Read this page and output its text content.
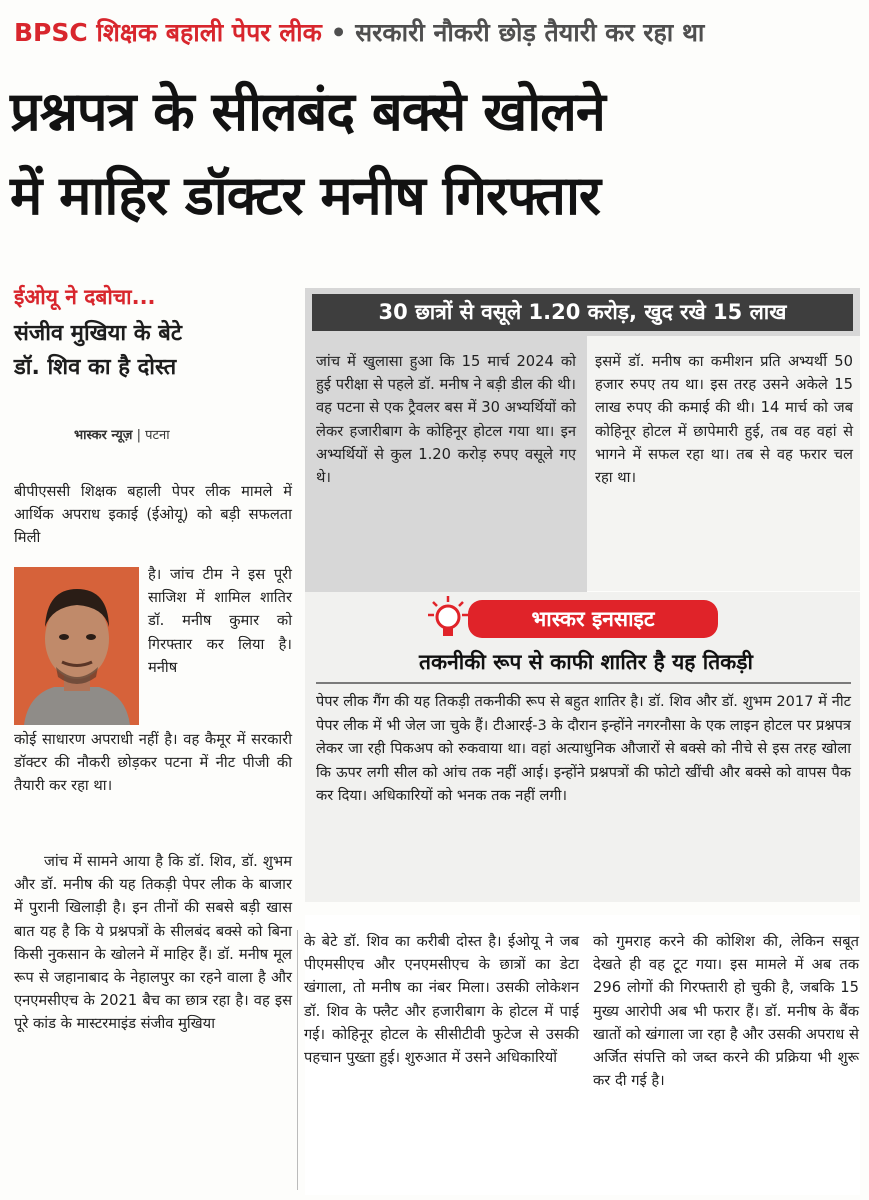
BPSC शिक्षक बहाली पेपर लीक • सरकारी नौकरी छोड़ तैयारी कर रहा था
प्रश्नपत्र के सीलबंद बक्से खोलने
में माहिर डॉक्टर मनीष गिरफ्तार
ईओयू ने दबोचा...
संजीव मुखिया के बेटे
डॉ. शिव का है दोस्त
भास्कर न्यूज़ | पटना
बीपीएससी शिक्षक बहाली पेपर लीक मामले में आर्थिक अपराध इकाई (ईओयू) को बड़ी सफलता मिली
है। जांच टीम ने इस पूरी साजिश में शामिल शातिर डॉ. मनीष कुमार को गिरफ्तार कर लिया है। मनीष
कोई साधारण अपराधी नहीं है। वह कैमूर में सरकारी डॉक्टर की नौकरी छोड़कर पटना में नीट पीजी की तैयारी कर रहा था।
जांच में सामने आया है कि डॉ. शिव, डॉ. शुभम और डॉ. मनीष की यह तिकड़ी पेपर लीक के बाजार में पुरानी खिलाड़ी है। इन तीनों की सबसे बड़ी खास बात यह है कि ये प्रश्नपत्रों के सीलबंद बक्से को बिना किसी नुकसान के खोलने में माहिर हैं। डॉ. मनीष मूल रूप से जहानाबाद के नेहालपुर का रहने वाला है और एनएमसीएच के 2021 बैच का छात्र रहा है। वह इस पूरे कांड के मास्टरमाइंड संजीव मुखिया
30 छात्रों से वसूले 1.20 करोड़, खुद रखे 15 लाख
जांच में खुलासा हुआ कि 15 मार्च 2024 को हुई परीक्षा से पहले डॉ. मनीष ने बड़ी डील की थी। वह पटना से एक ट्रैवलर बस में 30 अभ्यर्थियों को लेकर हजारीबाग के कोहिनूर होटल गया था। इन अभ्यर्थियों से कुल 1.20 करोड़ रुपए वसूले गए थे।
इसमें डॉ. मनीष का कमीशन प्रति अभ्यर्थी 50 हजार रुपए तय था। इस तरह उसने अकेले 15 लाख रुपए की कमाई की थी। 14 मार्च को जब कोहिनूर होटल में छापेमारी हुई, तब वह वहां से भागने में सफल रहा था। तब से वह फरार चल रहा था।
भास्कर इनसाइट
तकनीकी रूप से काफी शातिर है यह तिकड़ी
पेपर लीक गैंग की यह तिकड़ी तकनीकी रूप से बहुत शातिर है। डॉ. शिव और डॉ. शुभम 2017 में नीट पेपर लीक में भी जेल जा चुके हैं। टीआरई-3 के दौरान इन्होंने नगरनौसा के एक लाइन होटल पर प्रश्नपत्र लेकर जा रही पिकअप को रुकवाया था। वहां अत्याधुनिक औजारों से बक्से को नीचे से इस तरह खोला कि ऊपर लगी सील को आंच तक नहीं आई। इन्होंने प्रश्नपत्रों की फोटो खींची और बक्से को वापस पैक कर दिया। अधिकारियों को भनक तक नहीं लगी।
के बेटे डॉ. शिव का करीबी दोस्त है। ईओयू ने जब पीएमसीएच और एनएमसीएच के छात्रों का डेटा खंगाला, तो मनीष का नंबर मिला। उसकी लोकेशन डॉ. शिव के फ्लैट और हजारीबाग के होटल में पाई गई। कोहिनूर होटल के सीसीटीवी फुटेज से उसकी पहचान पुख्ता हुई। शुरुआत में उसने अधिकारियों
को गुमराह करने की कोशिश की, लेकिन सबूत देखते ही वह टूट गया। इस मामले में अब तक 296 लोगों की गिरफ्तारी हो चुकी है, जबकि 15 मुख्य आरोपी अब भी फरार हैं। डॉ. मनीष के बैंक खातों को खंगाला जा रहा है और उसकी अपराध से अर्जित संपत्ति को जब्त करने की प्रक्रिया भी शुरू कर दी गई है।
